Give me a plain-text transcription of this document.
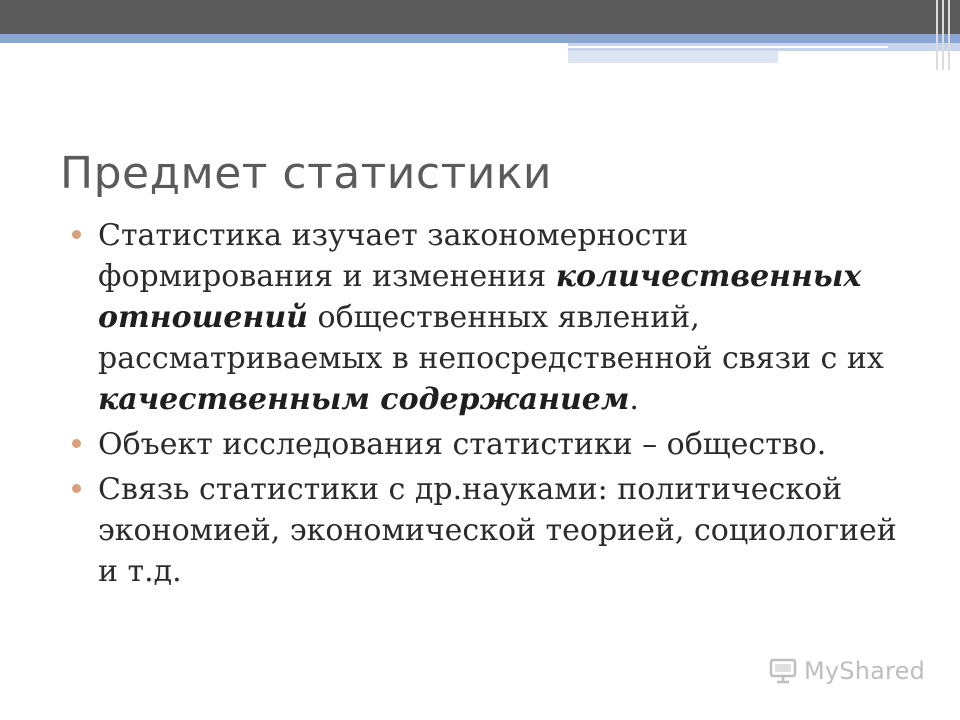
Предмет статистики
Статистика изучает закономерности формирования и изменения количественных отношений общественных явлений, рассматриваемых в непосредственной связи с их качественным содержанием.
Объект исследования статистики – общество.
Связь статистики с др.науками: политической экономией, экономической теорией, социологией и т.д.
MyShared
